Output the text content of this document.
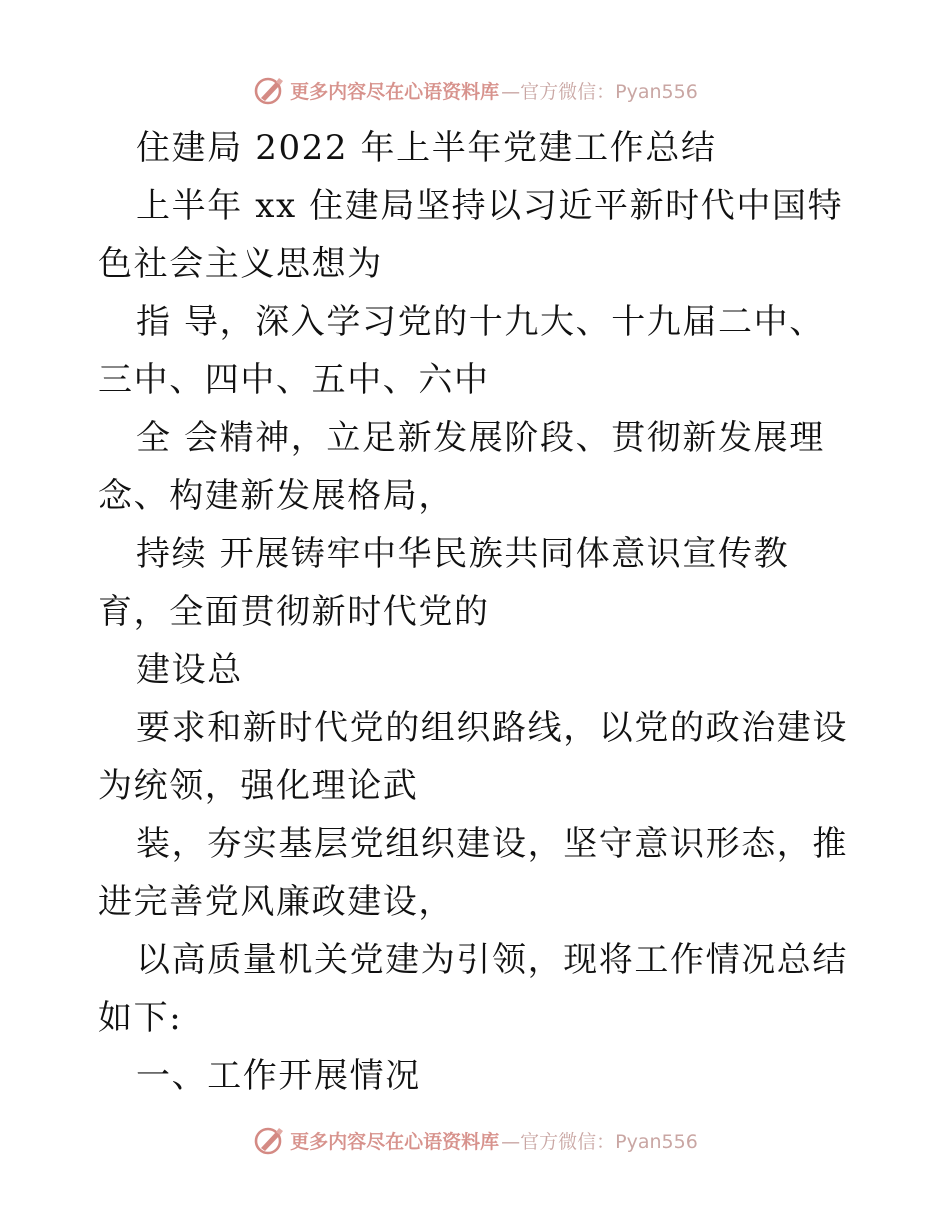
更多内容尽在心语资料库 —官方微信：Pyan556

住建局 2022 年上半年党建工作总结

上半年 xx 住建局坚持以习近平新时代中国特色社会主义思想为

指 导，深入学习党的十九大、十九届二中、三中、四中、五中、六中

全 会精神，立足新发展阶段、贯彻新发展理念、构建新发展格局，

持续 开展铸牢中华民族共同体意识宣传教育，全面贯彻新时代党的

建设总

要求和新时代党的组织路线，以党的政治建设为统领，强化理论武

装，夯实基层党组织建设，坚守意识形态，推进完善党风廉政建设，

以高质量机关党建为引领，现将工作情况总结如下:

一、工作开展情况

更多内容尽在心语资料库 —官方微信：Pyan556
